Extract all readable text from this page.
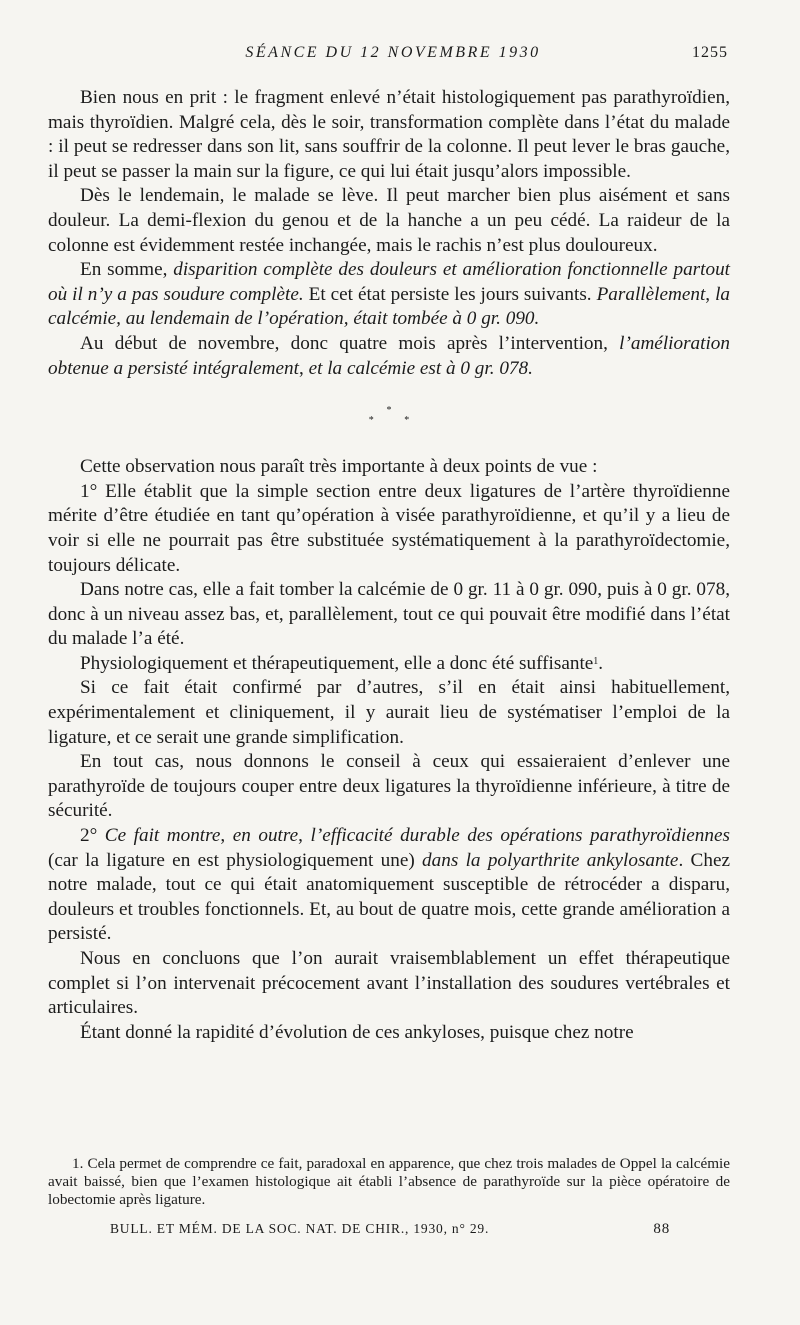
SÉANCE DU 12 NOVEMBRE 1930	1255

Bien nous en prit : le fragment enlevé n’était histologiquement pas parathyroïdien, mais thyroïdien. Malgré cela, dès le soir, transformation complète dans l’état du malade : il peut se redresser dans son lit, sans souffrir de la colonne. Il peut lever le bras gauche, il peut se passer la main sur la figure, ce qui lui était jusqu’alors impossible.

Dès le lendemain, le malade se lève. Il peut marcher bien plus aisément et sans douleur. La demi-flexion du genou et de la hanche a un peu cédé. La raideur de la colonne est évidemment restée inchangée, mais le rachis n’est plus douloureux.

En somme, disparition complète des douleurs et amélioration fonctionnelle partout où il n’y a pas soudure complète. Et cet état persiste les jours suivants. Parallèlement, la calcémie, au lendemain de l’opération, était tombée à 0 gr. 090.

Au début de novembre, donc quatre mois après l’intervention, l’amélioration obtenue a persisté intégralement, et la calcémie est à 0 gr. 078.

*
* *

Cette observation nous paraît très importante à deux points de vue :

1° Elle établit que la simple section entre deux ligatures de l’artère thyroïdienne mérite d’être étudiée en tant qu’opération à visée parathyroïdienne, et qu’il y a lieu de voir si elle ne pourrait pas être substituée systématiquement à la parathyroïdectomie, toujours délicate.

Dans notre cas, elle a fait tomber la calcémie de 0 gr. 11 à 0 gr. 090, puis à 0 gr. 078, donc à un niveau assez bas, et, parallèlement, tout ce qui pouvait être modifié dans l’état du malade l’a été.

Physiologiquement et thérapeutiquement, elle a donc été suffisante$^1$.

Si ce fait était confirmé par d’autres, s’il en était ainsi habituellement, expérimentalement et cliniquement, il y aurait lieu de systématiser l’emploi de la ligature, et ce serait une grande simplification.

En tout cas, nous donnons le conseil à ceux qui essaieraient d’enlever une parathyroïde de toujours couper entre deux ligatures la thyroïdienne inférieure, à titre de sécurité.

2° Ce fait montre, en outre, l’efficacité durable des opérations parathyroïdiennes (car la ligature en est physiologiquement une) dans la polyarthrite ankylosante. Chez notre malade, tout ce qui était anatomiquement susceptible de rétrocéder a disparu, douleurs et troubles fonctionnels. Et, au bout de quatre mois, cette grande amélioration a persisté.

Nous en concluons que l’on aurait vraisemblablement un effet thérapeutique complet si l’on intervenait précocement avant l’installation des soudures vertébrales et articulaires.

Étant donné la rapidité d’évolution de ces ankyloses, puisque chez notre

1. Cela permet de comprendre ce fait, paradoxal en apparence, que chez trois malades de Oppel la calcémie avait baissé, bien que l’examen histologique ait établi l’absence de parathyroïde sur la pièce opératoire de lobectomie après ligature.

BULL. ET MÉM. DE LA SOC. NAT. DE CHIR., 1930, n° 29.	88
